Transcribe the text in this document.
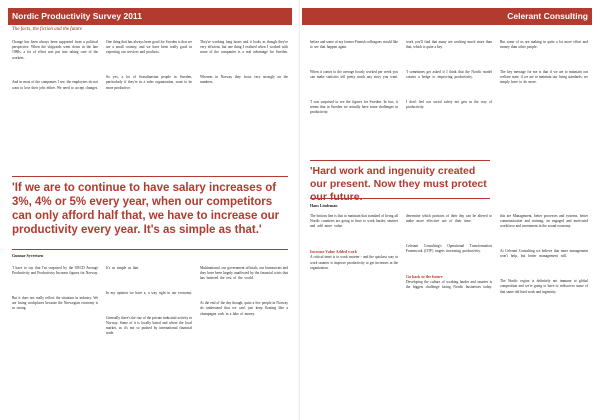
Nordic Productivity Survey 2011
The facts, the fiction and the future

Change has been always been supported from a political perspective. When the shipyards went down in the late 1980s, a lot of effort was put into taking care of the workers. Lorem text continues through the column with further narrative on productivity, wages and the competitive position of Nordic companies in a global market.

And in most of the companies I see, the employees do not want to lose their jobs either. We need to accept changes. Lorem text continues through the column with further narrative on productivity, wages and the competitive position of Nordic companies in a global market.

One thing that has always been good for Sweden is that we are a small country, and we have been really good in exporting our services and products. Lorem text continues through the column with further narrative on productivity, wages and the competitive position of Nordic companies in a global market.

So yes, a lot of Scandinavian people in Sweden, particularly if they're in a sales organization, want to be more productive. Lorem text continues through the column with further narrative on productivity, wages and the competitive position of Nordic companies in a global market.

They're working long hours and it looks as though they're very efficient, but one thing I realised when I worked with some of the companies is a real advantage for Sweden. Lorem text continues through the column with further narrative on productivity, wages and the competitive position of Nordic companies in a global market.

Whereas in Norway they focus very strongly on the numbers. Lorem text continues through the column with further narrative on productivity, wages and the competitive position of Nordic companies in a global market.

'If we are to continue to have salary increases of 3%, 4% or 5% every year, when our competitors can only afford half that, we have to increase our productivity every year. It's as simple as that.'
Gunnar Syvertsen

'I have to say that I'm surprised by the OECD Average Productivity and Productivity Increase figures for Norway. Lorem text continues through the column with further narrative on productivity, wages and the competitive position of Nordic companies in a global market.

But it does not really reflect the situation in industry. We are losing workplaces because the Norwegian economy is so strong. Lorem text continues through the column with further narrative on productivity, wages and the competitive position of Nordic companies in a global market.

It's as simple as that. Lorem text continues through the column with further narrative on productivity, wages and the competitive position of Nordic companies in a global market.

In my opinion we have a, a way right in our economy. Lorem text continues through the column with further narrative on productivity, wages and the competitive position of Nordic companies in a global market.

Generally there's the rise of the private industrial activity in Norway. Some of it is locally based and where the local market, as it's not so pushed by international financial trade. Lorem text continues through the column with further narrative on productivity, wages and the competitive position of Nordic companies in a global market.

Multinational, our government officials, our bureaucrats and they have been largely unaffected by the financial crisis that has battered the rest of the world. Lorem text continues through the column with further narrative on productivity, wages and the competitive position of Nordic companies in a global market.

At the end of the day though, quite a few people in Norway do understand that we can't just keep floating like a champagne cork in a lake of money. Lorem text continues through the column with further narrative on productivity, wages and the competitive position of Nordic companies in a global market.

Celerant Consulting

before and some of my former Finnish colleagues would like to see that happen again. Lorem text continues through the column with further narrative on productivity, wages and the competitive position of Nordic companies in a global market.

When it comes to the average hourly worked per week you can make statistics tell pretty much any story you want. Lorem text continues through the column with further narrative on productivity, wages and the competitive position of Nordic companies in a global market.

'I was surprised to see the figures for Sweden. In fact, it seems that in Sweden we actually have some challenges in productivity. Lorem text continues through the column with further narrative on productivity, wages and the competitive position of Nordic companies in a global market.

work you'll find that many are working much more than that, which is quite a key. Lorem text continues through the column with further narrative on productivity, wages and the competitive position of Nordic companies in a global market.

'I sometimes get asked if I think that the Nordic model creates a hedge to improving productivity. Lorem text continues through the column with further narrative on productivity, wages and the competitive position of Nordic companies in a global market.

I don't feel our social safety net gets in the way of productivity. Lorem text continues through the column with further narrative on productivity, wages and the competitive position of Nordic companies in a global market.

But some of us are making in quite a lot more effort and money than other people. Lorem text continues through the column with further narrative on productivity, wages and the competitive position of Nordic companies in a global market.

The key message for me is that if we are to maintain our welfare state, if we are to maintain our living standards, we simply have to do more. Lorem text continues through the column with further narrative on productivity, wages and the competitive position of Nordic companies in a global market.

'Hard work and ingenuity created our present. Now they must protect our future.
Hans Lindeman

The bottom line is that to maintain that standard of living all Nordic countries are going to have to work harder, smarter and add more value. Lorem text continues through the column with further narrative on productivity, wages and the competitive position of Nordic companies in a global market.

Increase Value Added work

A critical tenet is to work smarter - and the quickest way to work smarter is improve productivity to get increases in the organization. Lorem text continues through the column with further narrative on productivity, wages and the competitive position of Nordic companies in a global market.

determine which portions of their day can be altered to make more effective use of their time. Lorem text continues through the column with further narrative on productivity, wages and the competitive position of Nordic companies in a global market.

Celerant Consulting's Operational Transformation Framework (OTF) targets increasing productivity. Lorem text continues through the column with further narrative on productivity, wages and the competitive position of Nordic companies in a global market.

Go back to the future

Developing the culture of working harder and smarter is the biggest challenge facing Nordic businesses today. Lorem text continues through the column with further narrative on productivity, wages and the competitive position of Nordic companies in a global market.

this are Management, better processes and systems, better communication and training, an engaged and motivated workforce and investment in the sound economy. Lorem text continues through the column with further narrative on productivity, wages and the competitive position of Nordic companies in a global market.

At Celerant Consulting we believe that more management won't help, but better management will. Lorem text continues through the column with further narrative on productivity, wages and the competitive position of Nordic companies in a global market.

The Nordic region is definitely not immune to global competition and we're going to have to rediscover some of that same old hard work and ingenuity. Lorem text continues through the column with further narrative on productivity, wages and the competitive position of Nordic companies in a global market.
